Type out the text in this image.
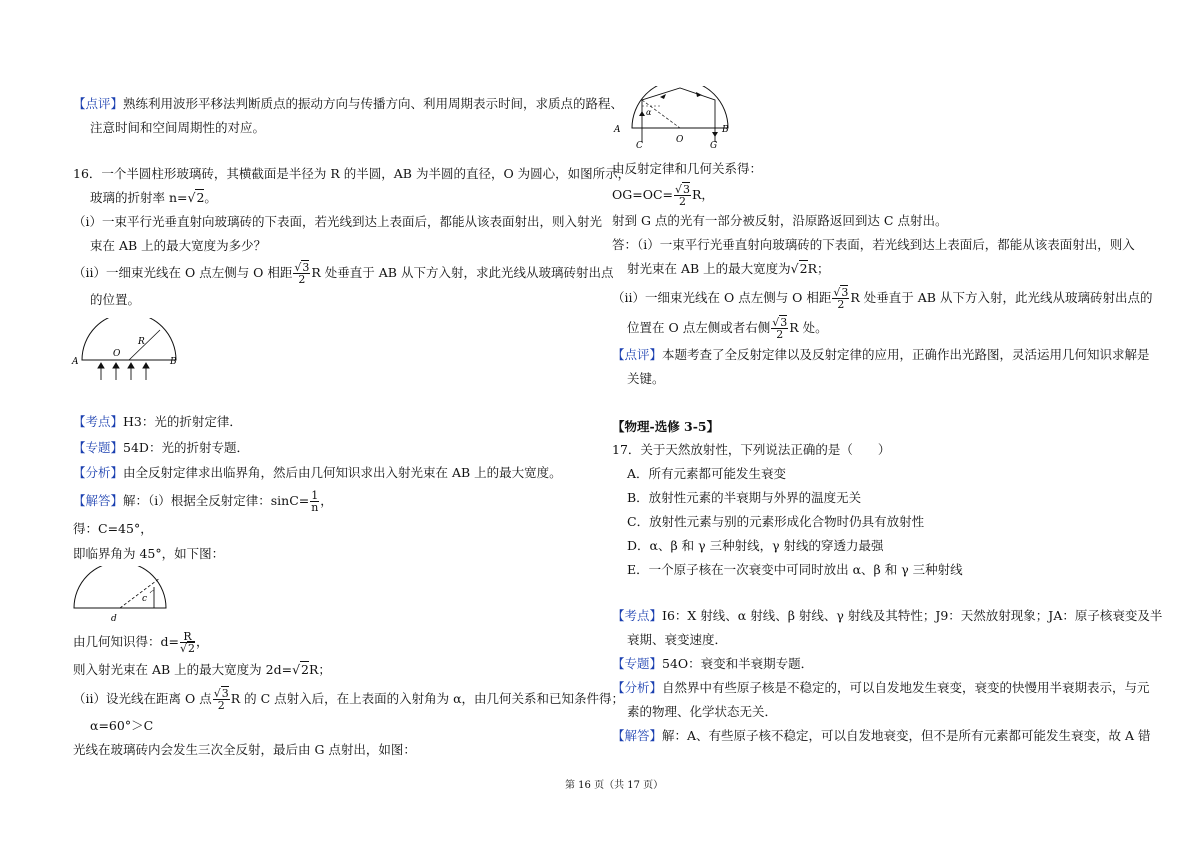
【点评】熟练利用波形平移法判断质点的振动方向与传播方向、利用周期表示时间，求质点的路程、
注意时间和空间周期性的对应。
16．一个半圆柱形玻璃砖，其横截面是半径为 R 的半圆，AB 为半圆的直径，O 为圆心，如图所示，
玻璃的折射率 n=√2。
（i）一束平行光垂直射向玻璃砖的下表面，若光线到达上表面后，都能从该表面射出，则入射光
束在 AB 上的最大宽度为多少？
（ii）一细束光线在 O 点左侧与 O 相距 $\frac{√3}{2}$ R 处垂直于 AB 从下方入射，求此光线从玻璃砖射出点
的位置。
A	B
O
R
【考点】H3：光的折射定律．
【专题】54D：光的折射专题．
【分析】由全反射定律求出临界角，然后由几何知识求出入射光束在 AB 上的最大宽度。
【解答】解：（i）根据全反射定律：$\sin C= \frac{1}{n}$ ，
得：C=45°，
即临界角为 45°，如下图：
d
c
由几何知识得：$d= \frac{R}{√2}$ ，
则入射光束在 AB 上的最大宽度为 2d=√2R；
（ii）设光线在距离 O 点 $\frac{√3}{2}$ R 的 C 点射入后，在上表面的入射角为 α，由几何关系和已知条件得；
α=60°＞C
光线在玻璃砖内会发生三次全反射，最后由 G 点射出，如图：
α
A	B
C
O
G
由反射定律和几何关系得：
$OG=OC= \frac{√3}{2}$ R，
射到 G 点的光有一部分被反射，沿原路返回到达 C 点射出。
答：（i）一束平行光垂直射向玻璃砖的下表面，若光线到达上表面后，都能从该表面射出，则入
射光束在 AB 上的最大宽度为√2R；
（ii）一细束光线在 O 点左侧与 O 相距 $\frac{√3}{2}$ R 处垂直于 AB 从下方入射，此光线从玻璃砖射出点的
位置在 O 点左侧或者右侧 $\frac{√3}{2}$ R 处。
【点评】本题考查了全反射定律以及反射定律的应用，正确作出光路图，灵活运用几何知识求解是
关键。
【物理-选修 3-5】
17．关于天然放射性，下列说法正确的是（　　）
A．所有元素都可能发生衰变
B．放射性元素的半衰期与外界的温度无关
C．放射性元素与别的元素形成化合物时仍具有放射性
D．α、β 和 γ 三种射线，γ 射线的穿透力最强
E．一个原子核在一次衰变中可同时放出 α、β 和 γ 三种射线
【考点】I6：X 射线、α 射线、β 射线、γ 射线及其特性；J9：天然放射现象；JA：原子核衰变及半
衰期、衰变速度．
【专题】54O：衰变和半衰期专题．
【分析】自然界中有些原子核是不稳定的，可以自发地发生衰变，衰变的快慢用半衰期表示，与元
素的物理、化学状态无关．
【解答】解：A、有些原子核不稳定，可以自发地衰变，但不是所有元素都可能发生衰变，故 A 错
第 16 页（共 17 页）
